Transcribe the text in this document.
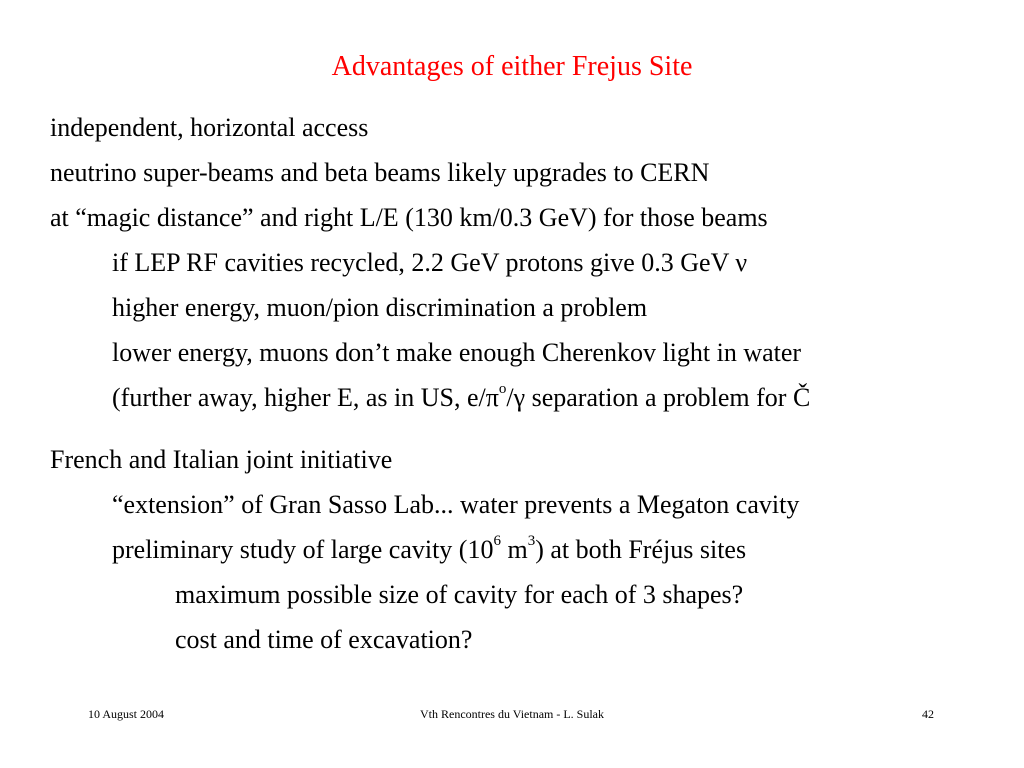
Advantages of either Frejus Site
independent, horizontal access
neutrino super-beams and beta beams likely upgrades to CERN
at “magic distance” and right L/E (130 km/0.3 GeV) for those beams
if LEP RF cavities recycled, 2.2 GeV protons give 0.3 GeV ν
higher energy, muon/pion discrimination a problem
lower energy, muons don’t make enough Cherenkov light in water
(further away, higher E, as in US, $e/\pi^o/\gamma$ separation a problem for Č
French and Italian joint initiative
“extension” of Gran Sasso Lab... water prevents a Megaton cavity
preliminary study of large cavity ($10^6$ $m^3$) at both Fréjus sites
maximum possible size of cavity for each of 3 shapes?
cost and time of excavation?
10 August 2004	Vth Rencontres du Vietnam - L. Sulak	42
